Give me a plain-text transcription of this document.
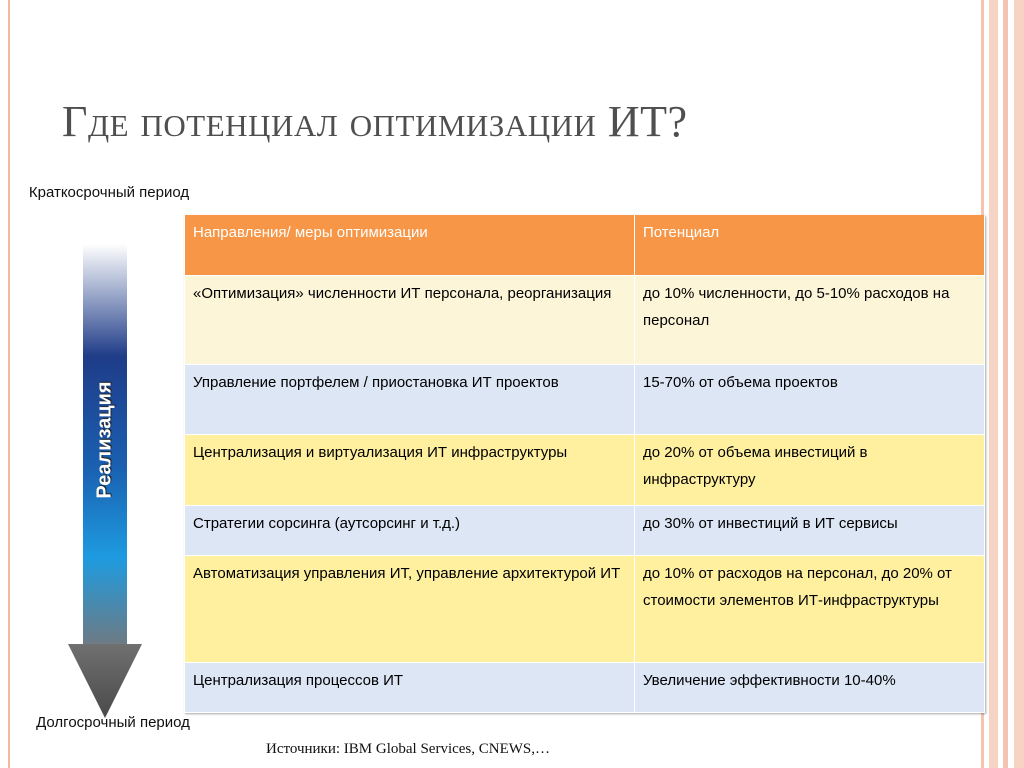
Где потенциал оптимизации ИТ?
Краткосрочный период
Реализация
Долгосрочный период
Направления/ меры оптимизации	Потенциал
«Оптимизация» численности ИТ персонала, реорганизация	до 10% численности, до 5-10% расходов на персонал
Управление портфелем / приостановка ИТ проектов	15-70% от объема проектов
Централизация и виртуализация ИТ инфраструктуры	до 20% от объема инвестиций в инфраструктуру
Стратегии сорсинга (аутсорсинг и т.д.)	до 30% от инвестиций в ИТ сервисы
Автоматизация управления ИТ, управление архитектурой ИТ	до 10% от расходов на персонал, до 20% от стоимости элементов ИТ-инфраструктуры
Централизация процессов ИТ	Увеличение эффективности 10-40%
Источники: IBM Global Services, CNEWS,…
